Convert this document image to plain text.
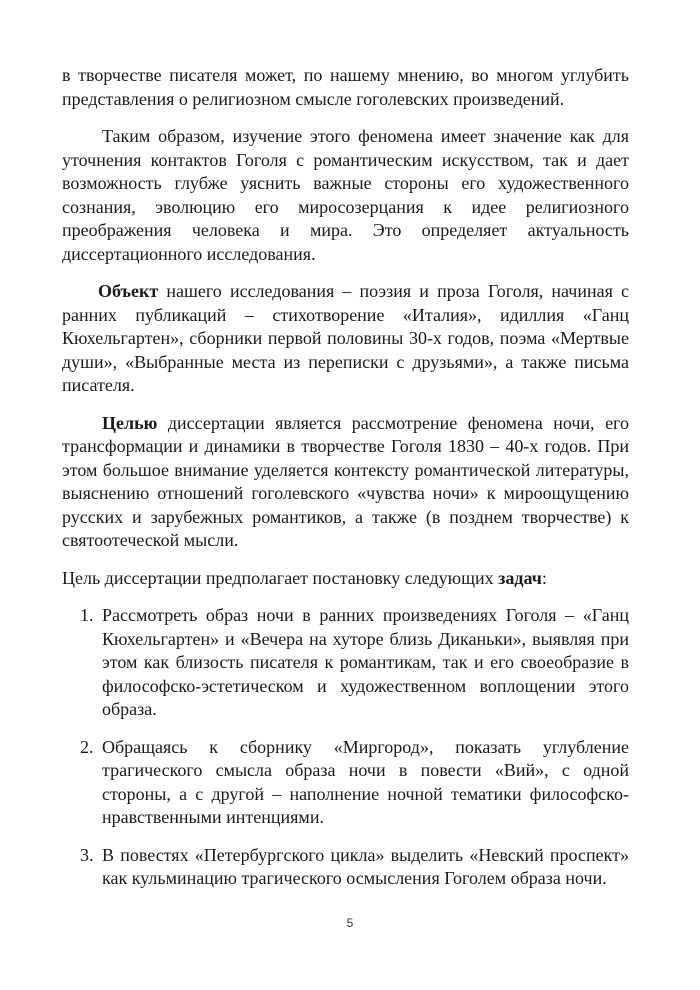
в творчестве писателя может, по нашему мнению, во многом углубить представления о религиозном смысле гоголевских произведений.

Таким образом, изучение этого феномена имеет значение как для уточнения контактов Гоголя с романтическим искусством, так и дает возможность глубже уяснить важные стороны его художественного сознания, эволюцию его миросозерцания к идее религиозного преображения человека и мира. Это определяет актуальность диссертационного исследования.

Объект нашего исследования – поэзия и проза Гоголя, начиная с ранних публикаций – стихотворение «Италия», идиллия «Ганц Кюхельгартен», сборники первой половины 30-х годов, поэма «Мертвые души», «Выбранные места из переписки с друзьями», а также письма писателя.

Целью диссертации является рассмотрение феномена ночи, его трансформации и динамики в творчестве Гоголя 1830 – 40-х годов. При этом большое внимание уделяется контексту романтической литературы, выяснению отношений гоголевского «чувства ночи» к мироощущению русских и зарубежных романтиков, а также (в позднем творчестве) к святоотеческой мысли.

Цель диссертации предполагает постановку следующих задач:

1. Рассмотреть образ ночи в ранних произведениях Гоголя – «Ганц Кюхельгартен» и «Вечера на хуторе близь Диканьки», выявляя при этом как близость писателя к романтикам, так и его своеобразие в философско-эстетическом и художественном воплощении этого образа.
2. Обращаясь к сборнику «Миргород», показать углубление трагического смысла образа ночи в повести «Вий», с одной стороны, а с другой – наполнение ночной тематики философско-нравственными интенциями.
3. В повестях «Петербургского цикла» выделить «Невский проспект» как кульминацию трагического осмысления Гоголем образа ночи.
5
